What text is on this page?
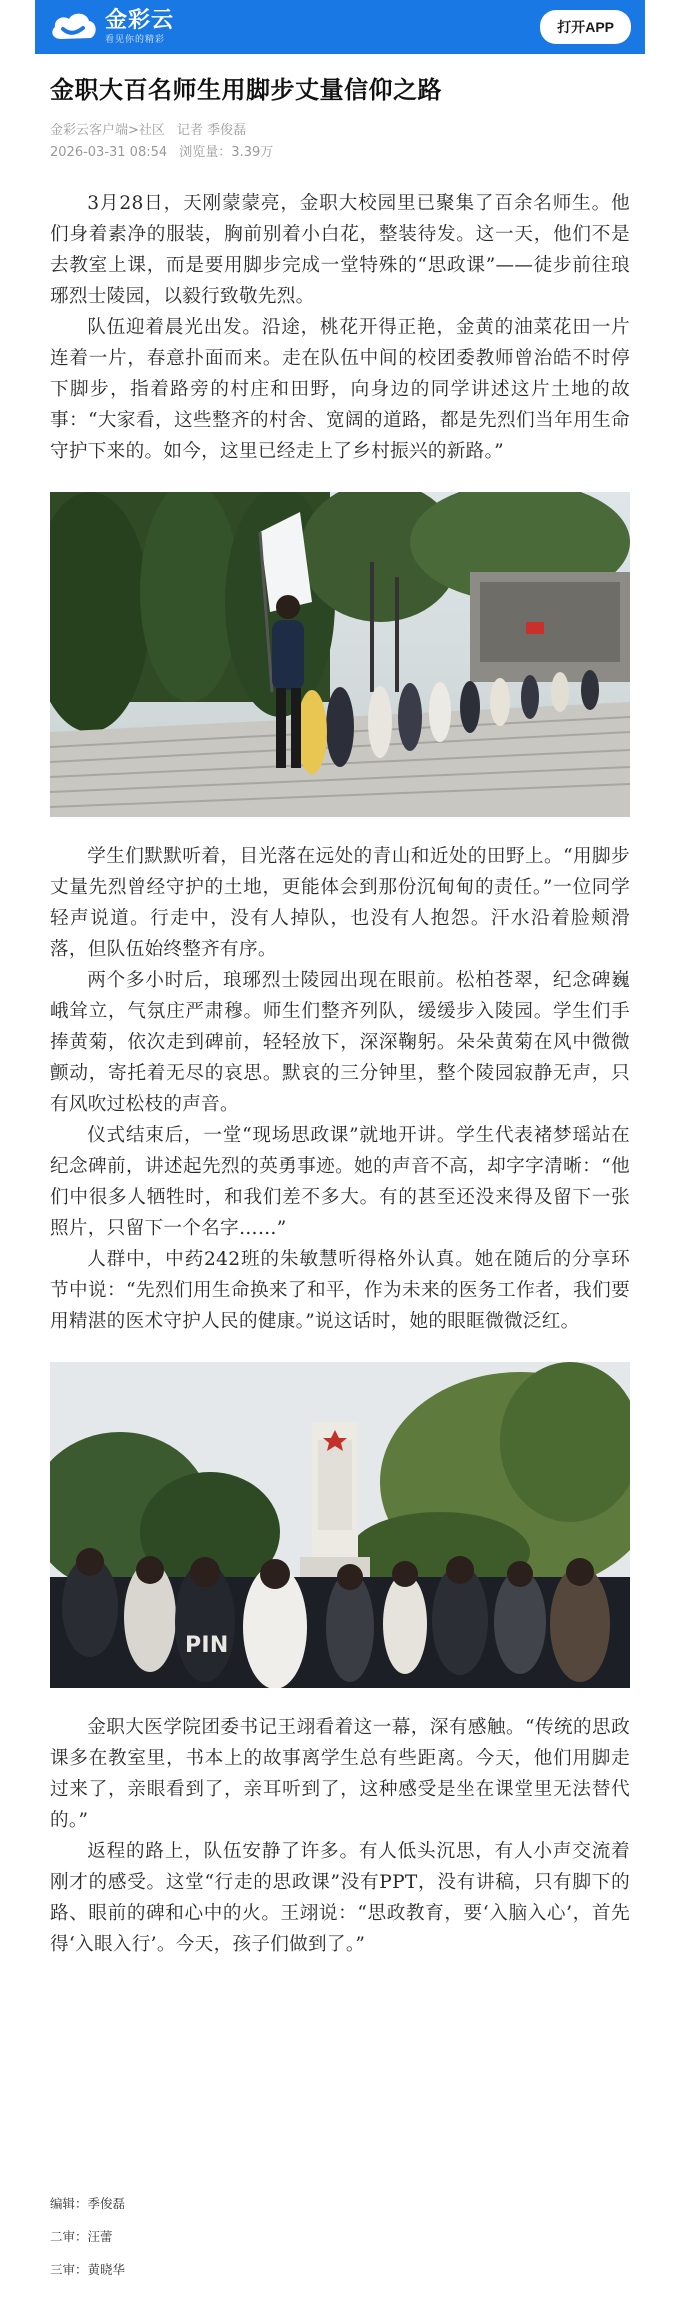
金彩云
看见你的精彩
打开APP
金职大百名师生用脚步丈量信仰之路
金彩云客户端>社区 记者 季俊磊
2026-03-31 08:54 浏览量：3.39万

3月28日，天刚蒙蒙亮，金职大校园里已聚集了百余名师生。他们身着素净的服装，胸前别着小白花，整装待发。这一天，他们不是去教室上课，而是要用脚步完成一堂特殊的“思政课”——徒步前往琅琊烈士陵园，以毅行致敬先烈。

队伍迎着晨光出发。沿途，桃花开得正艳，金黄的油菜花田一片连着一片，春意扑面而来。走在队伍中间的校团委教师曾治皓不时停下脚步，指着路旁的村庄和田野，向身边的同学讲述这片土地的故事：“大家看，这些整齐的村舍、宽阔的道路，都是先烈们当年用生命守护下来的。如今，这里已经走上了乡村振兴的新路。”

学生们默默听着，目光落在远处的青山和近处的田野上。“用脚步丈量先烈曾经守护的土地，更能体会到那份沉甸甸的责任。”一位同学轻声说道。行走中，没有人掉队，也没有人抱怨。汗水沿着脸颊滑落，但队伍始终整齐有序。

两个多小时后，琅琊烈士陵园出现在眼前。松柏苍翠，纪念碑巍峨耸立，气氛庄严肃穆。师生们整齐列队，缓缓步入陵园。学生们手捧黄菊，依次走到碑前，轻轻放下，深深鞠躬。朵朵黄菊在风中微微颤动，寄托着无尽的哀思。默哀的三分钟里，整个陵园寂静无声，只有风吹过松枝的声音。

仪式结束后，一堂“现场思政课”就地开讲。学生代表褚梦瑶站在纪念碑前，讲述起先烈的英勇事迹。她的声音不高，却字字清晰：“他们中很多人牺牲时，和我们差不多大。有的甚至还没来得及留下一张照片，只留下一个名字……”

人群中，中药242班的朱敏慧听得格外认真。她在随后的分享环节中说：“先烈们用生命换来了和平，作为未来的医务工作者，我们要用精湛的医术守护人民的健康。”说这话时，她的眼眶微微泛红。

PIN

金职大医学院团委书记王翊看着这一幕，深有感触。“传统的思政课多在教室里，书本上的故事离学生总有些距离。今天，他们用脚走过来了，亲眼看到了，亲耳听到了，这种感受是坐在课堂里无法替代的。”

返程的路上，队伍安静了许多。有人低头沉思，有人小声交流着刚才的感受。这堂“行走的思政课”没有PPT，没有讲稿，只有脚下的路、眼前的碑和心中的火。王翊说：“思政教育，要‘入脑入心’，首先得‘入眼入行’。今天，孩子们做到了。”

编辑：季俊磊
二审：汪蕾
三审：黄晓华
